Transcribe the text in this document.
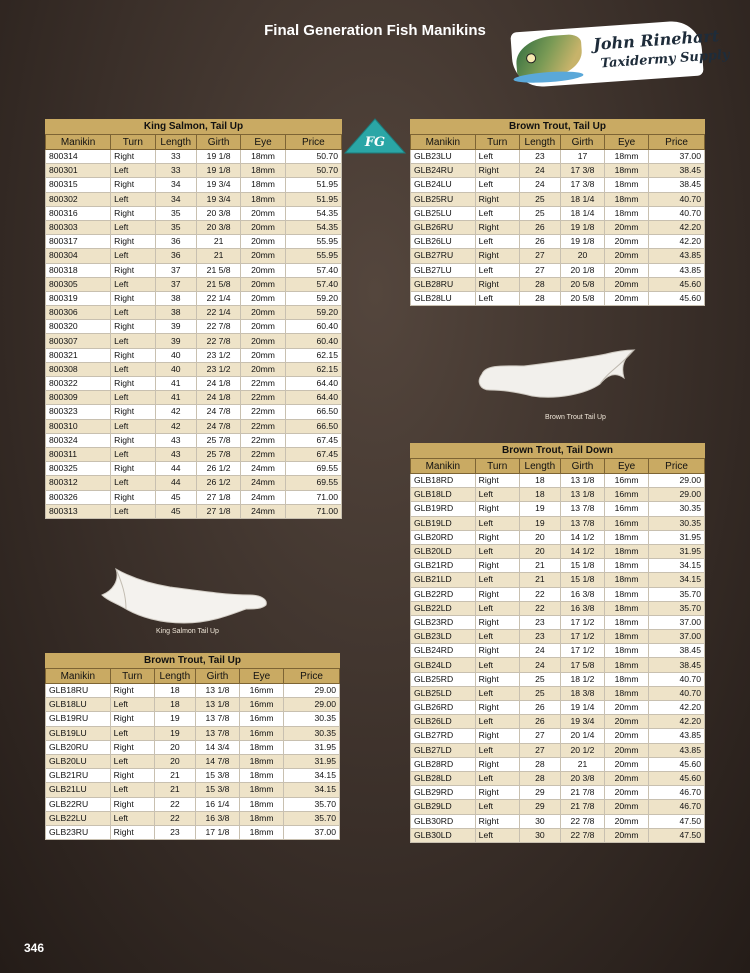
Final Generation Fish Manikins	John Rinehart
Taxidermy Supply
FG
King Salmon, Tail Up
Manikin	Turn	Length	Girth	Eye	Price
800314	Right	33	19 1/8	18mm	50.70
800301	Left	33	19 1/8	18mm	50.70
800315	Right	34	19 3/4	18mm	51.95
800302	Left	34	19 3/4	18mm	51.95
800316	Right	35	20 3/8	20mm	54.35
800303	Left	35	20 3/8	20mm	54.35
800317	Right	36	21	20mm	55.95
800304	Left	36	21	20mm	55.95
800318	Right	37	21 5/8	20mm	57.40
800305	Left	37	21 5/8	20mm	57.40
800319	Right	38	22 1/4	20mm	59.20
800306	Left	38	22 1/4	20mm	59.20
800320	Right	39	22 7/8	20mm	60.40
800307	Left	39	22 7/8	20mm	60.40
800321	Right	40	23 1/2	20mm	62.15
800308	Left	40	23 1/2	20mm	62.15
800322	Right	41	24 1/8	22mm	64.40
800309	Left	41	24 1/8	22mm	64.40
800323	Right	42	24 7/8	22mm	66.50
800310	Left	42	24 7/8	22mm	66.50
800324	Right	43	25 7/8	22mm	67.45
800311	Left	43	25 7/8	22mm	67.45
800325	Right	44	26 1/2	24mm	69.55
800312	Left	44	26 1/2	24mm	69.55
800326	Right	45	27 1/8	24mm	71.00
800313	Left	45	27 1/8	24mm	71.00
Brown Trout, Tail Up
Manikin	Turn	Length	Girth	Eye	Price
GLB23LU	Left	23	17	18mm	37.00
GLB24RU	Right	24	17 3/8	18mm	38.45
GLB24LU	Left	24	17 3/8	18mm	38.45
GLB25RU	Right	25	18 1/4	18mm	40.70
GLB25LU	Left	25	18 1/4	18mm	40.70
GLB26RU	Right	26	19 1/8	20mm	42.20
GLB26LU	Left	26	19 1/8	20mm	42.20
GLB27RU	Right	27	20	20mm	43.85
GLB27LU	Left	27	20 1/8	20mm	43.85
GLB28RU	Right	28	20 5/8	20mm	45.60
GLB28LU	Left	28	20 5/8	20mm	45.60
Brown Trout, Tail Down
Manikin	Turn	Length	Girth	Eye	Price
GLB18RD	Right	18	13 1/8	16mm	29.00
GLB18LD	Left	18	13 1/8	16mm	29.00
GLB19RD	Right	19	13 7/8	16mm	30.35
GLB19LD	Left	19	13 7/8	16mm	30.35
GLB20RD	Right	20	14 1/2	18mm	31.95
GLB20LD	Left	20	14 1/2	18mm	31.95
GLB21RD	Right	21	15 1/8	18mm	34.15
GLB21LD	Left	21	15 1/8	18mm	34.15
GLB22RD	Right	22	16 3/8	18mm	35.70
GLB22LD	Left	22	16 3/8	18mm	35.70
GLB23RD	Right	23	17 1/2	18mm	37.00
GLB23LD	Left	23	17 1/2	18mm	37.00
GLB24RD	Right	24	17 1/2	18mm	38.45
GLB24LD	Left	24	17 5/8	18mm	38.45
GLB25RD	Right	25	18 1/2	18mm	40.70
GLB25LD	Left	25	18 3/8	18mm	40.70
GLB26RD	Right	26	19 1/4	20mm	42.20
GLB26LD	Left	26	19 3/4	20mm	42.20
GLB27RD	Right	27	20 1/4	20mm	43.85
GLB27LD	Left	27	20 1/2	20mm	43.85
GLB28RD	Right	28	21	20mm	45.60
GLB28LD	Left	28	20 3/8	20mm	45.60
GLB29RD	Right	29	21 7/8	20mm	46.70
GLB29LD	Left	29	21 7/8	20mm	46.70
GLB30RD	Right	30	22 7/8	20mm	47.50
GLB30LD	Left	30	22 7/8	20mm	47.50
Brown Trout, Tail Up
Manikin	Turn	Length	Girth	Eye	Price
GLB18RU	Right	18	13 1/8	16mm	29.00
GLB18LU	Left	18	13 1/8	16mm	29.00
GLB19RU	Right	19	13 7/8	16mm	30.35
GLB19LU	Left	19	13 7/8	16mm	30.35
GLB20RU	Right	20	14 3/4	18mm	31.95
GLB20LU	Left	20	14 7/8	18mm	31.95
GLB21RU	Right	21	15 3/8	18mm	34.15
GLB21LU	Left	21	15 3/8	18mm	34.15
GLB22RU	Right	22	16 1/4	18mm	35.70
GLB22LU	Left	22	16 3/8	18mm	35.70
GLB23RU	Right	23	17 1/8	18mm	37.00
Brown Trout Tail Up
King Salmon Tail Up
346
